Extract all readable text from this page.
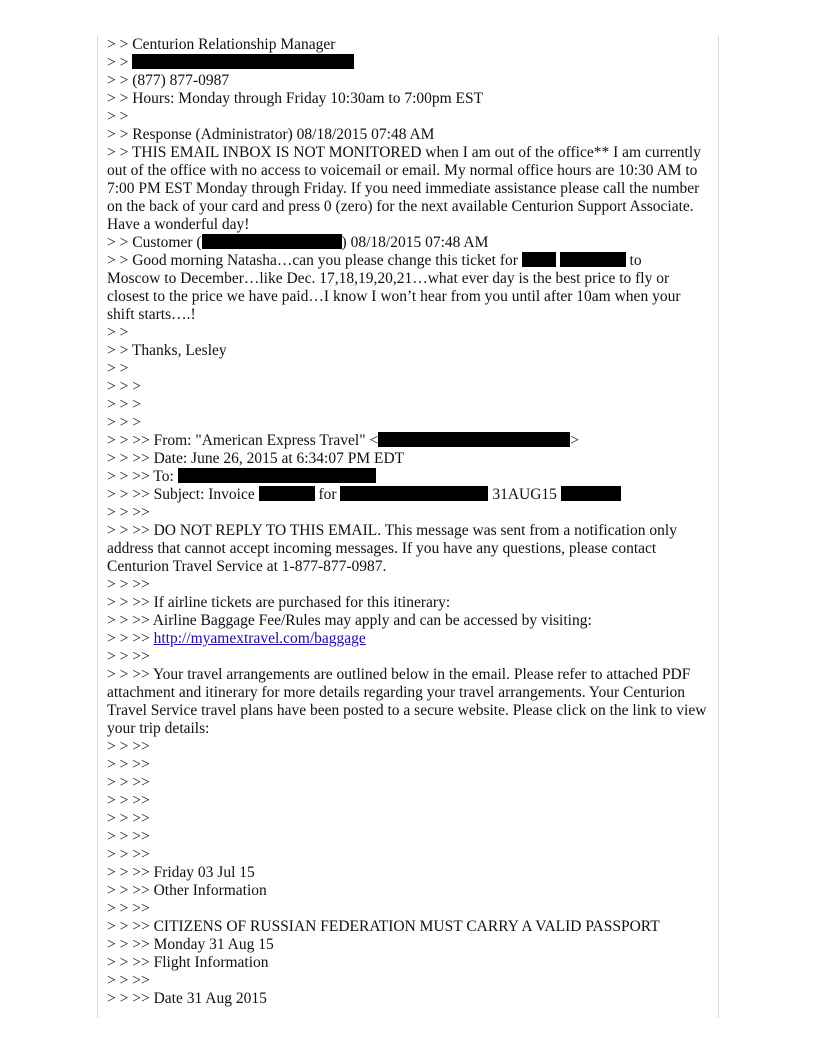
> > Centurion Relationship Manager
> >
> > (877) 877-0987
> > Hours: Monday through Friday 10:30am to 7:00pm EST
> >
> > Response (Administrator) 08/18/2015 07:48 AM
> > THIS EMAIL INBOX IS NOT MONITORED when I am out of the office** I am currently out of the office with no access to voicemail or email. My normal office hours are 10:30 AM to 7:00 PM EST Monday through Friday. If you need immediate assistance please call the number on the back of your card and press 0 (zero) for the next available Centurion Support Associate. Have a wonderful day!
> > Customer (	) 08/18/2015 07:48 AM
> > Good morning Natasha…can you please change this ticket for	to
Moscow to December…like Dec. 17,18,19,20,21…what ever day is the best price to fly or closest to the price we have paid…I know I won’t hear from you until after 10am when your shift starts….!
> >
> > Thanks, Lesley
> >
> > >
> > >
> > >
> > >> From: "American Express Travel" <	>
> > >> Date: June 26, 2015 at 6:34:07 PM EDT
> > >> To:
> > >> Subject: Invoice	for	31AUG15
> > >>
> > >> DO NOT REPLY TO THIS EMAIL. This message was sent from a notification only address that cannot accept incoming messages. If you have any questions, please contact Centurion Travel Service at 1-877-877-0987.
> > >>
> > >> If airline tickets are purchased for this itinerary:
> > >> Airline Baggage Fee/Rules may apply and can be accessed by visiting:
> > >> http://myamextravel.com/baggage
> > >>
> > >> Your travel arrangements are outlined below in the email. Please refer to attached PDF attachment and itinerary for more details regarding your travel arrangements. Your Centurion Travel Service travel plans have been posted to a secure website. Please click on the link to view your trip details:
> > >>
> > >>
> > >>
> > >>
> > >>
> > >>
> > >>
> > >> Friday 03 Jul 15
> > >> Other Information
> > >>
> > >> CITIZENS OF RUSSIAN FEDERATION MUST CARRY A VALID PASSPORT
> > >> Monday 31 Aug 15
> > >> Flight Information
> > >>
> > >> Date 31 Aug 2015
